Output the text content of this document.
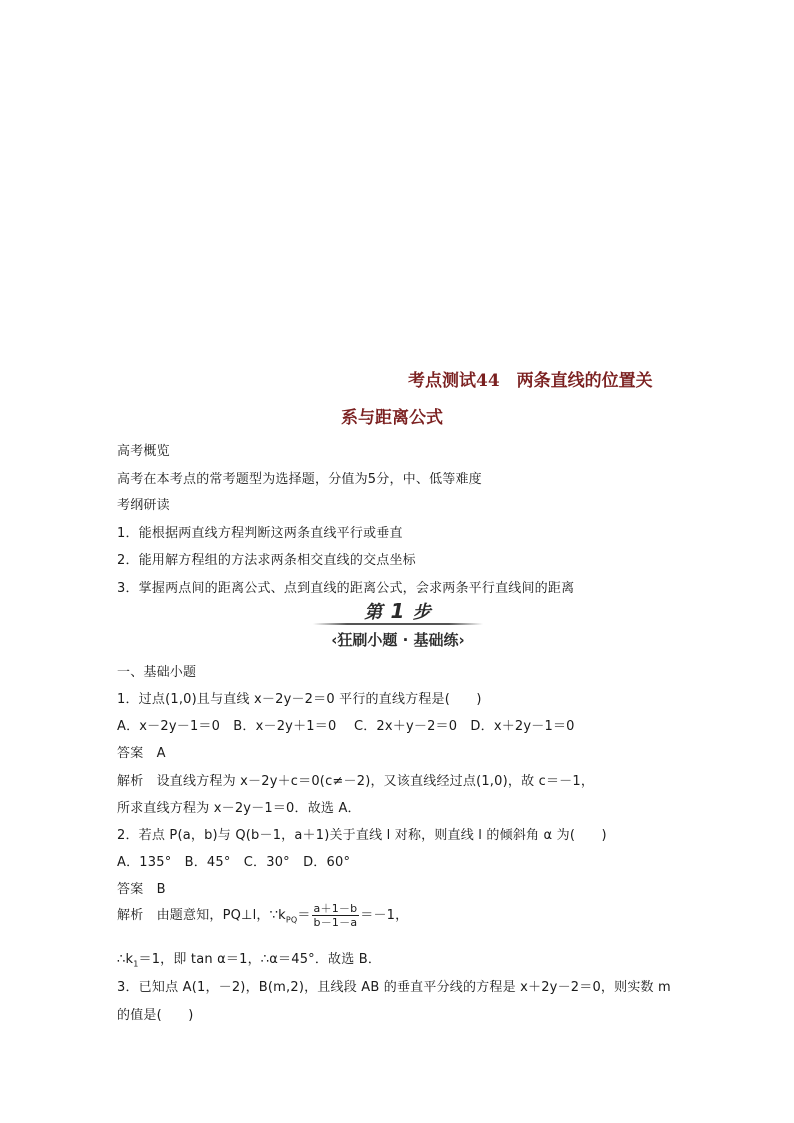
考点测试44　两条直线的位置关
系与距离公式
高考概览
高考在本考点的常考题型为选择题，分值为5分，中、低等难度
考纲研读
1．能根据两直线方程判断这两条直线平行或垂直
2．能用解方程组的方法求两条相交直线的交点坐标
3．掌握两点间的距离公式、点到直线的距离公式，会求两条平行直线间的距离
第 1 步
‹狂刷小题 · 基础练›
一、基础小题
1．过点(1,0)且与直线 x－2y－2＝0 平行的直线方程是(　　)
A．x－2y－1＝0　B．x－2y＋1＝0　 C．2x＋y－2＝0　D．x＋2y－1＝0
答案　A
解析　设直线方程为 x－2y＋c＝0(c≠－2)，又该直线经过点(1,0)，故 c＝－1，
所求直线方程为 x－2y－1＝0．故选 A．
2．若点 P(a，b)与 Q(b－1，a＋1)关于直线 l 对称，则直线 l 的倾斜角 α 为(　　)
A．135°　B．45°　C．30°　D．60°
答案　B
解析　由题意知，PQ⊥l，$\because k_{PQ}= \frac{a+1-b}{b-1-a} =-1$，
$\therefore k_1=1$，即 tan α＝1，∴α＝45°．故选 B．
3．已知点 A(1，－2)，B(m,2)，且线段 AB 的垂直平分线的方程是 x＋2y－2＝0，则实数 m
的值是(　　)
